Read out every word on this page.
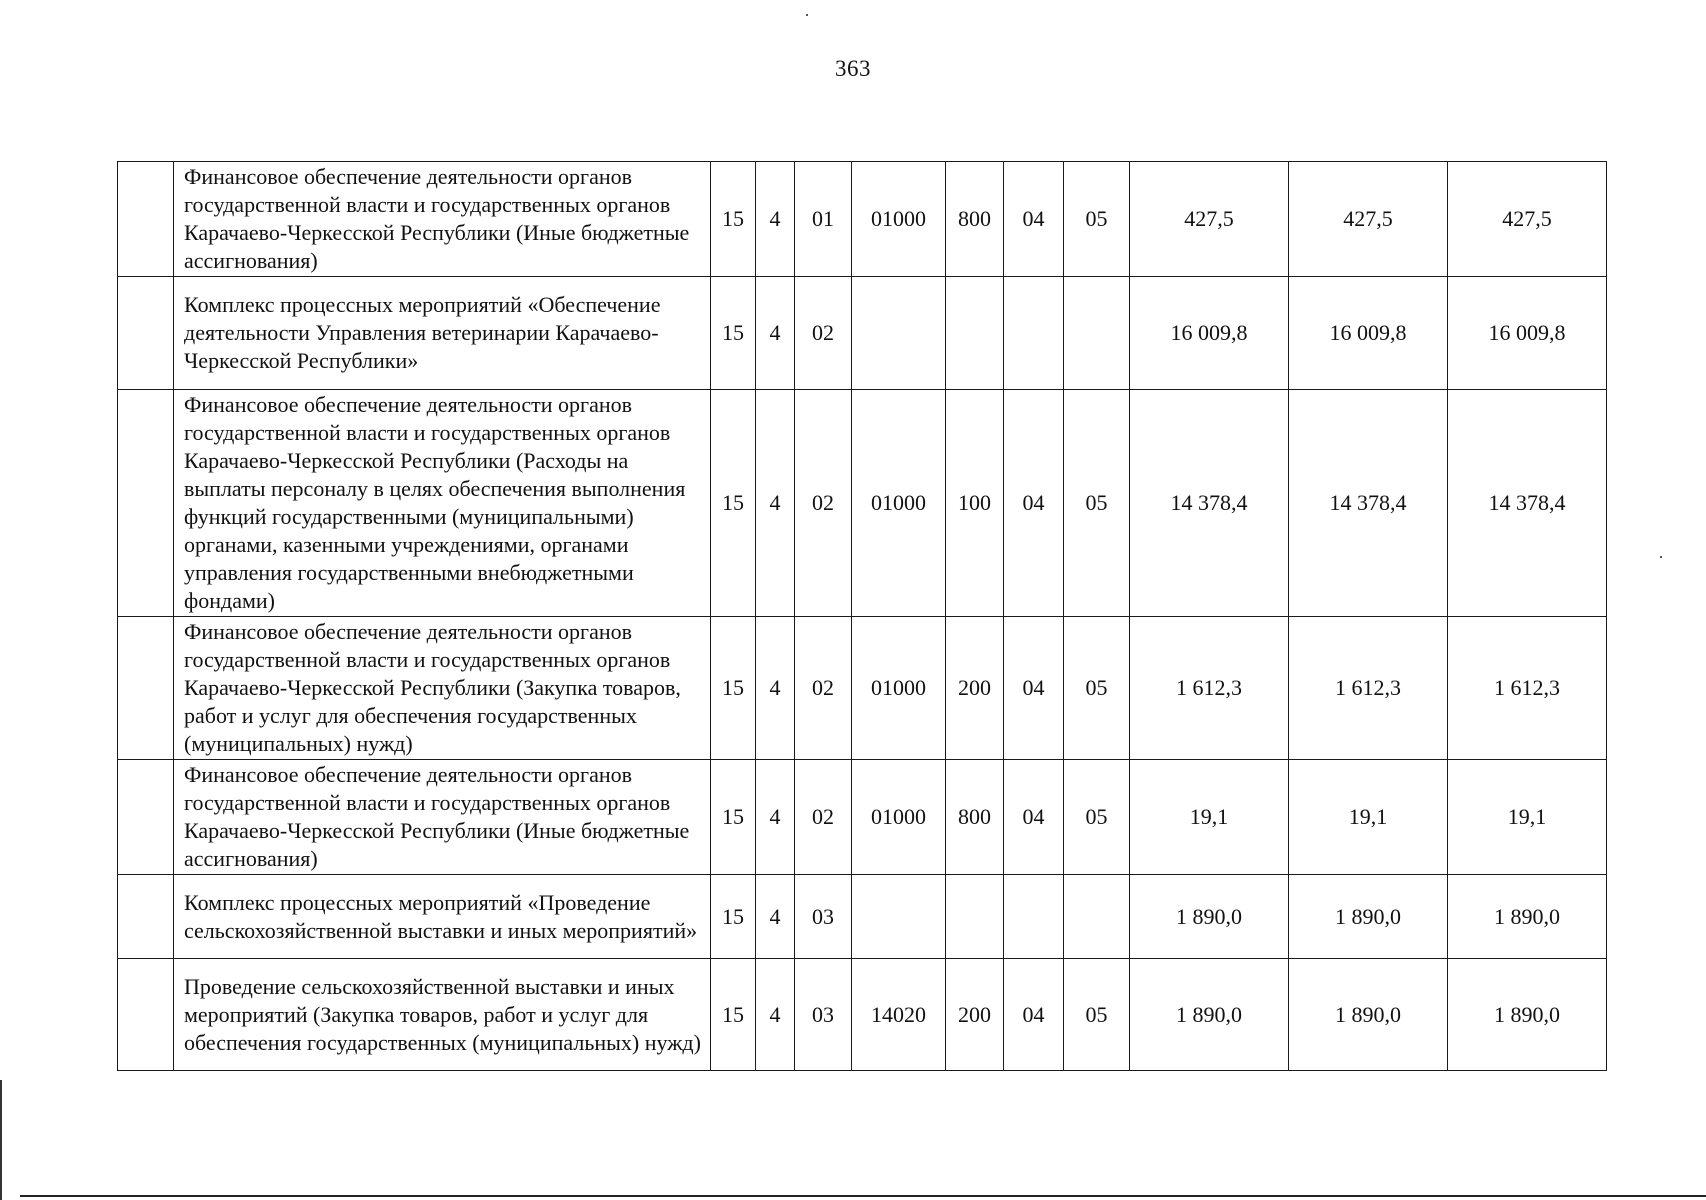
363
	Финансовое обеспечение деятельности органов государственной власти и государственных органов Карачаево-Черкесской Республики (Иные бюджетные ассигнования)	15	4	01	01000	800	04	05	427,5	427,5	427,5
	Комплекс процессных мероприятий «Обеспечение деятельности Управления ветеринарии Карачаево-Черкесской Республики»	15	4	02					16 009,8	16 009,8	16 009,8
	Финансовое обеспечение деятельности органов государственной власти и государственных органов Карачаево-Черкесской Республики (Расходы на выплаты персоналу в целях обеспечения выполнения функций государственными (муниципальными) органами, казенными учреждениями, органами управления государственными внебюджетными фондами)	15	4	02	01000	100	04	05	14 378,4	14 378,4	14 378,4
	Финансовое обеспечение деятельности органов государственной власти и государственных органов Карачаево-Черкесской Республики (Закупка товаров, работ и услуг для обеспечения государственных (муниципальных) нужд)	15	4	02	01000	200	04	05	1 612,3	1 612,3	1 612,3
	Финансовое обеспечение деятельности органов государственной власти и государственных органов Карачаево-Черкесской Республики (Иные бюджетные ассигнования)	15	4	02	01000	800	04	05	19,1	19,1	19,1
	Комплекс процессных мероприятий «Проведение сельскохозяйственной выставки и иных мероприятий»	15	4	03					1 890,0	1 890,0	1 890,0
	Проведение сельскохозяйственной выставки и иных мероприятий (Закупка товаров, работ и услуг для обеспечения государственных (муниципальных) нужд)	15	4	03	14020	200	04	05	1 890,0	1 890,0	1 890,0
